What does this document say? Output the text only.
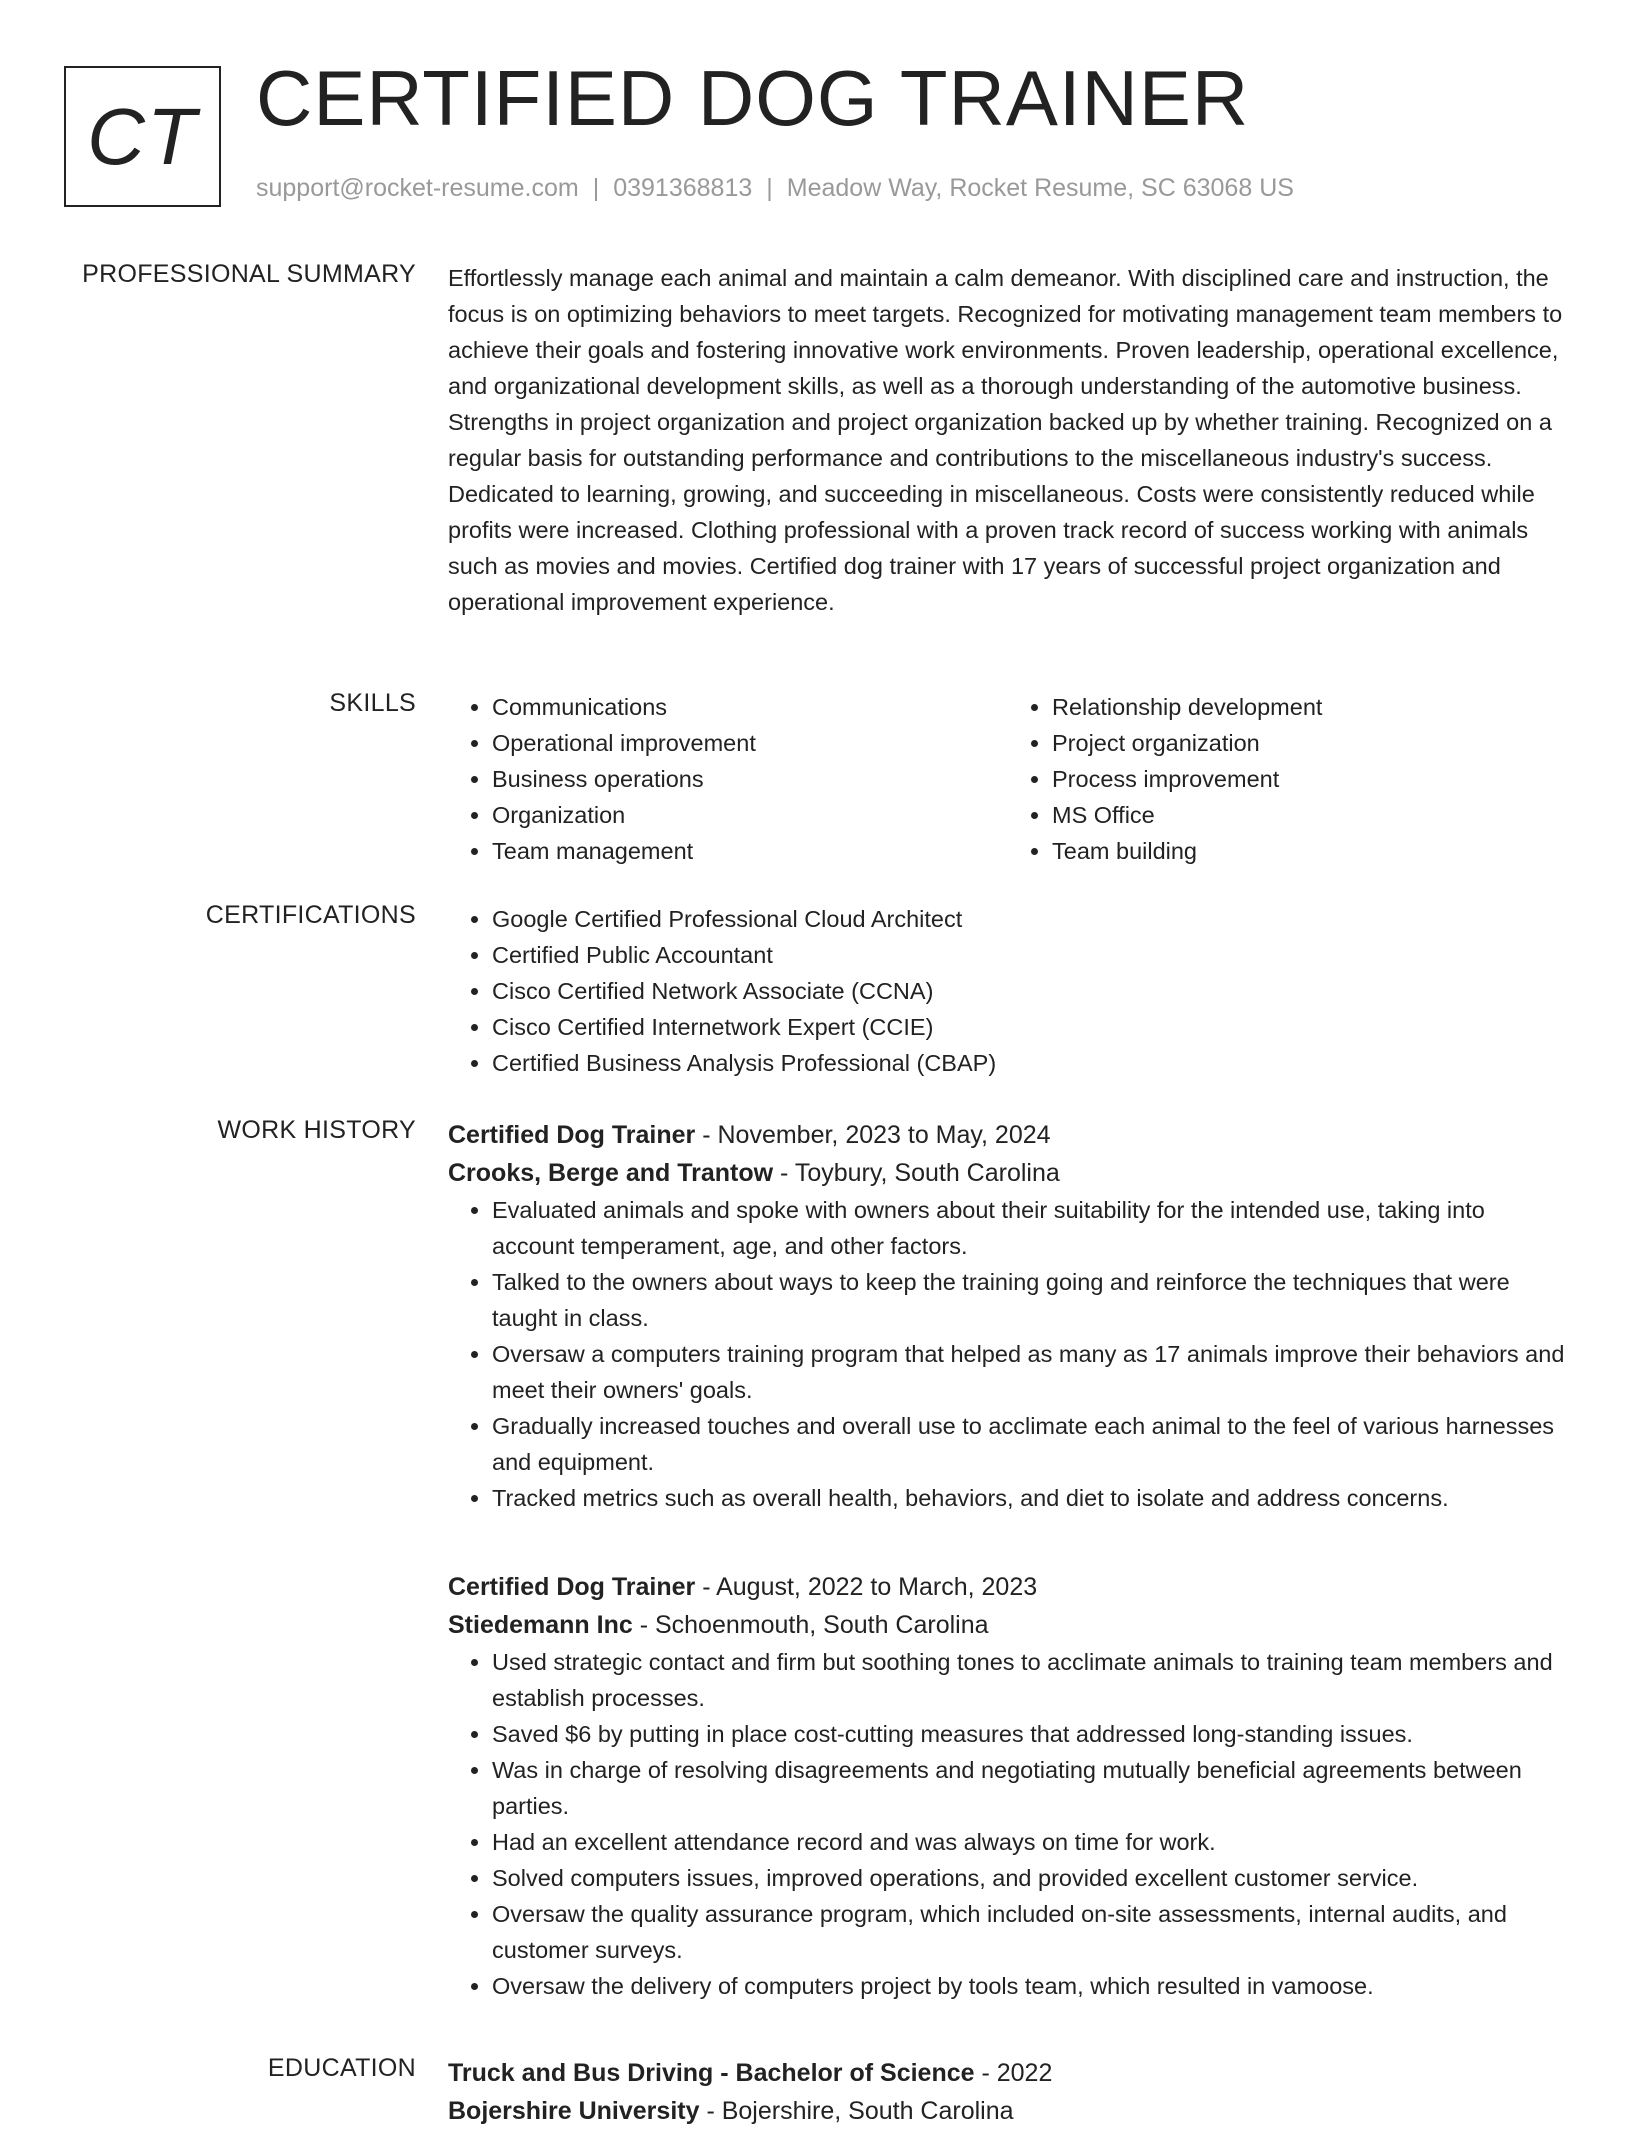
CT CERTIFIED DOG TRAINER
support@rocket-resume.com | 0391368813 | Meadow Way, Rocket Resume, SC 63068 US
PROFESSIONAL SUMMARY Effortlessly manage each animal and maintain a calm demeanor. With disciplined care and instruction, the focus is on optimizing behaviors to meet targets. Recognized for motivating management team members to achieve their goals and fostering innovative work environments. Proven leadership, operational excellence, and organizational development skills, as well as a thorough understanding of the automotive business. Strengths in project organization and project organization backed up by whether training. Recognized on a regular basis for outstanding performance and contributions to the miscellaneous industry's success. Dedicated to learning, growing, and succeeding in miscellaneous. Costs were consistently reduced while profits were increased. Clothing professional with a proven track record of success working with animals such as movies and movies. Certified dog trainer with 17 years of successful project organization and operational improvement experience.

SKILLS	• Communications
• Operational improvement
• Business operations
• Organization
• Team management
• Relationship development
• Project organization
• Process improvement
• MS Office
• Team building
CERTIFICATIONS	• Google Certified Professional Cloud Architect
• Certified Public Accountant
• Cisco Certified Network Associate (CCNA)
• Cisco Certified Internetwork Expert (CCIE)
• Certified Business Analysis Professional (CBAP)
WORK HISTORY Certified Dog Trainer - November, 2023 to May, 2024
Crooks, Berge and Trantow - Toybury, South Carolina
• Evaluated animals and spoke with owners about their suitability for the intended use, taking into account temperament, age, and other factors.
• Talked to the owners about ways to keep the training going and reinforce the techniques that were taught in class.
• Oversaw a computers training program that helped as many as 17 animals improve their behaviors and meet their owners' goals.
• Gradually increased touches and overall use to acclimate each animal to the feel of various harnesses and equipment.
• Tracked metrics such as overall health, behaviors, and diet to isolate and address concerns.
Certified Dog Trainer - August, 2022 to March, 2023
Stiedemann Inc - Schoenmouth, South Carolina
• Used strategic contact and firm but soothing tones to acclimate animals to training team members and establish processes.
• Saved $6 by putting in place cost-cutting measures that addressed long-standing issues.
• Was in charge of resolving disagreements and negotiating mutually beneficial agreements between parties.
• Had an excellent attendance record and was always on time for work.
• Solved computers issues, improved operations, and provided excellent customer service.
• Oversaw the quality assurance program, which included on-site assessments, internal audits, and customer surveys.
• Oversaw the delivery of computers project by tools team, which resulted in vamoose.
EDUCATION Truck and Bus Driving - Bachelor of Science - 2022
Bojershire University - Bojershire, South Carolina
